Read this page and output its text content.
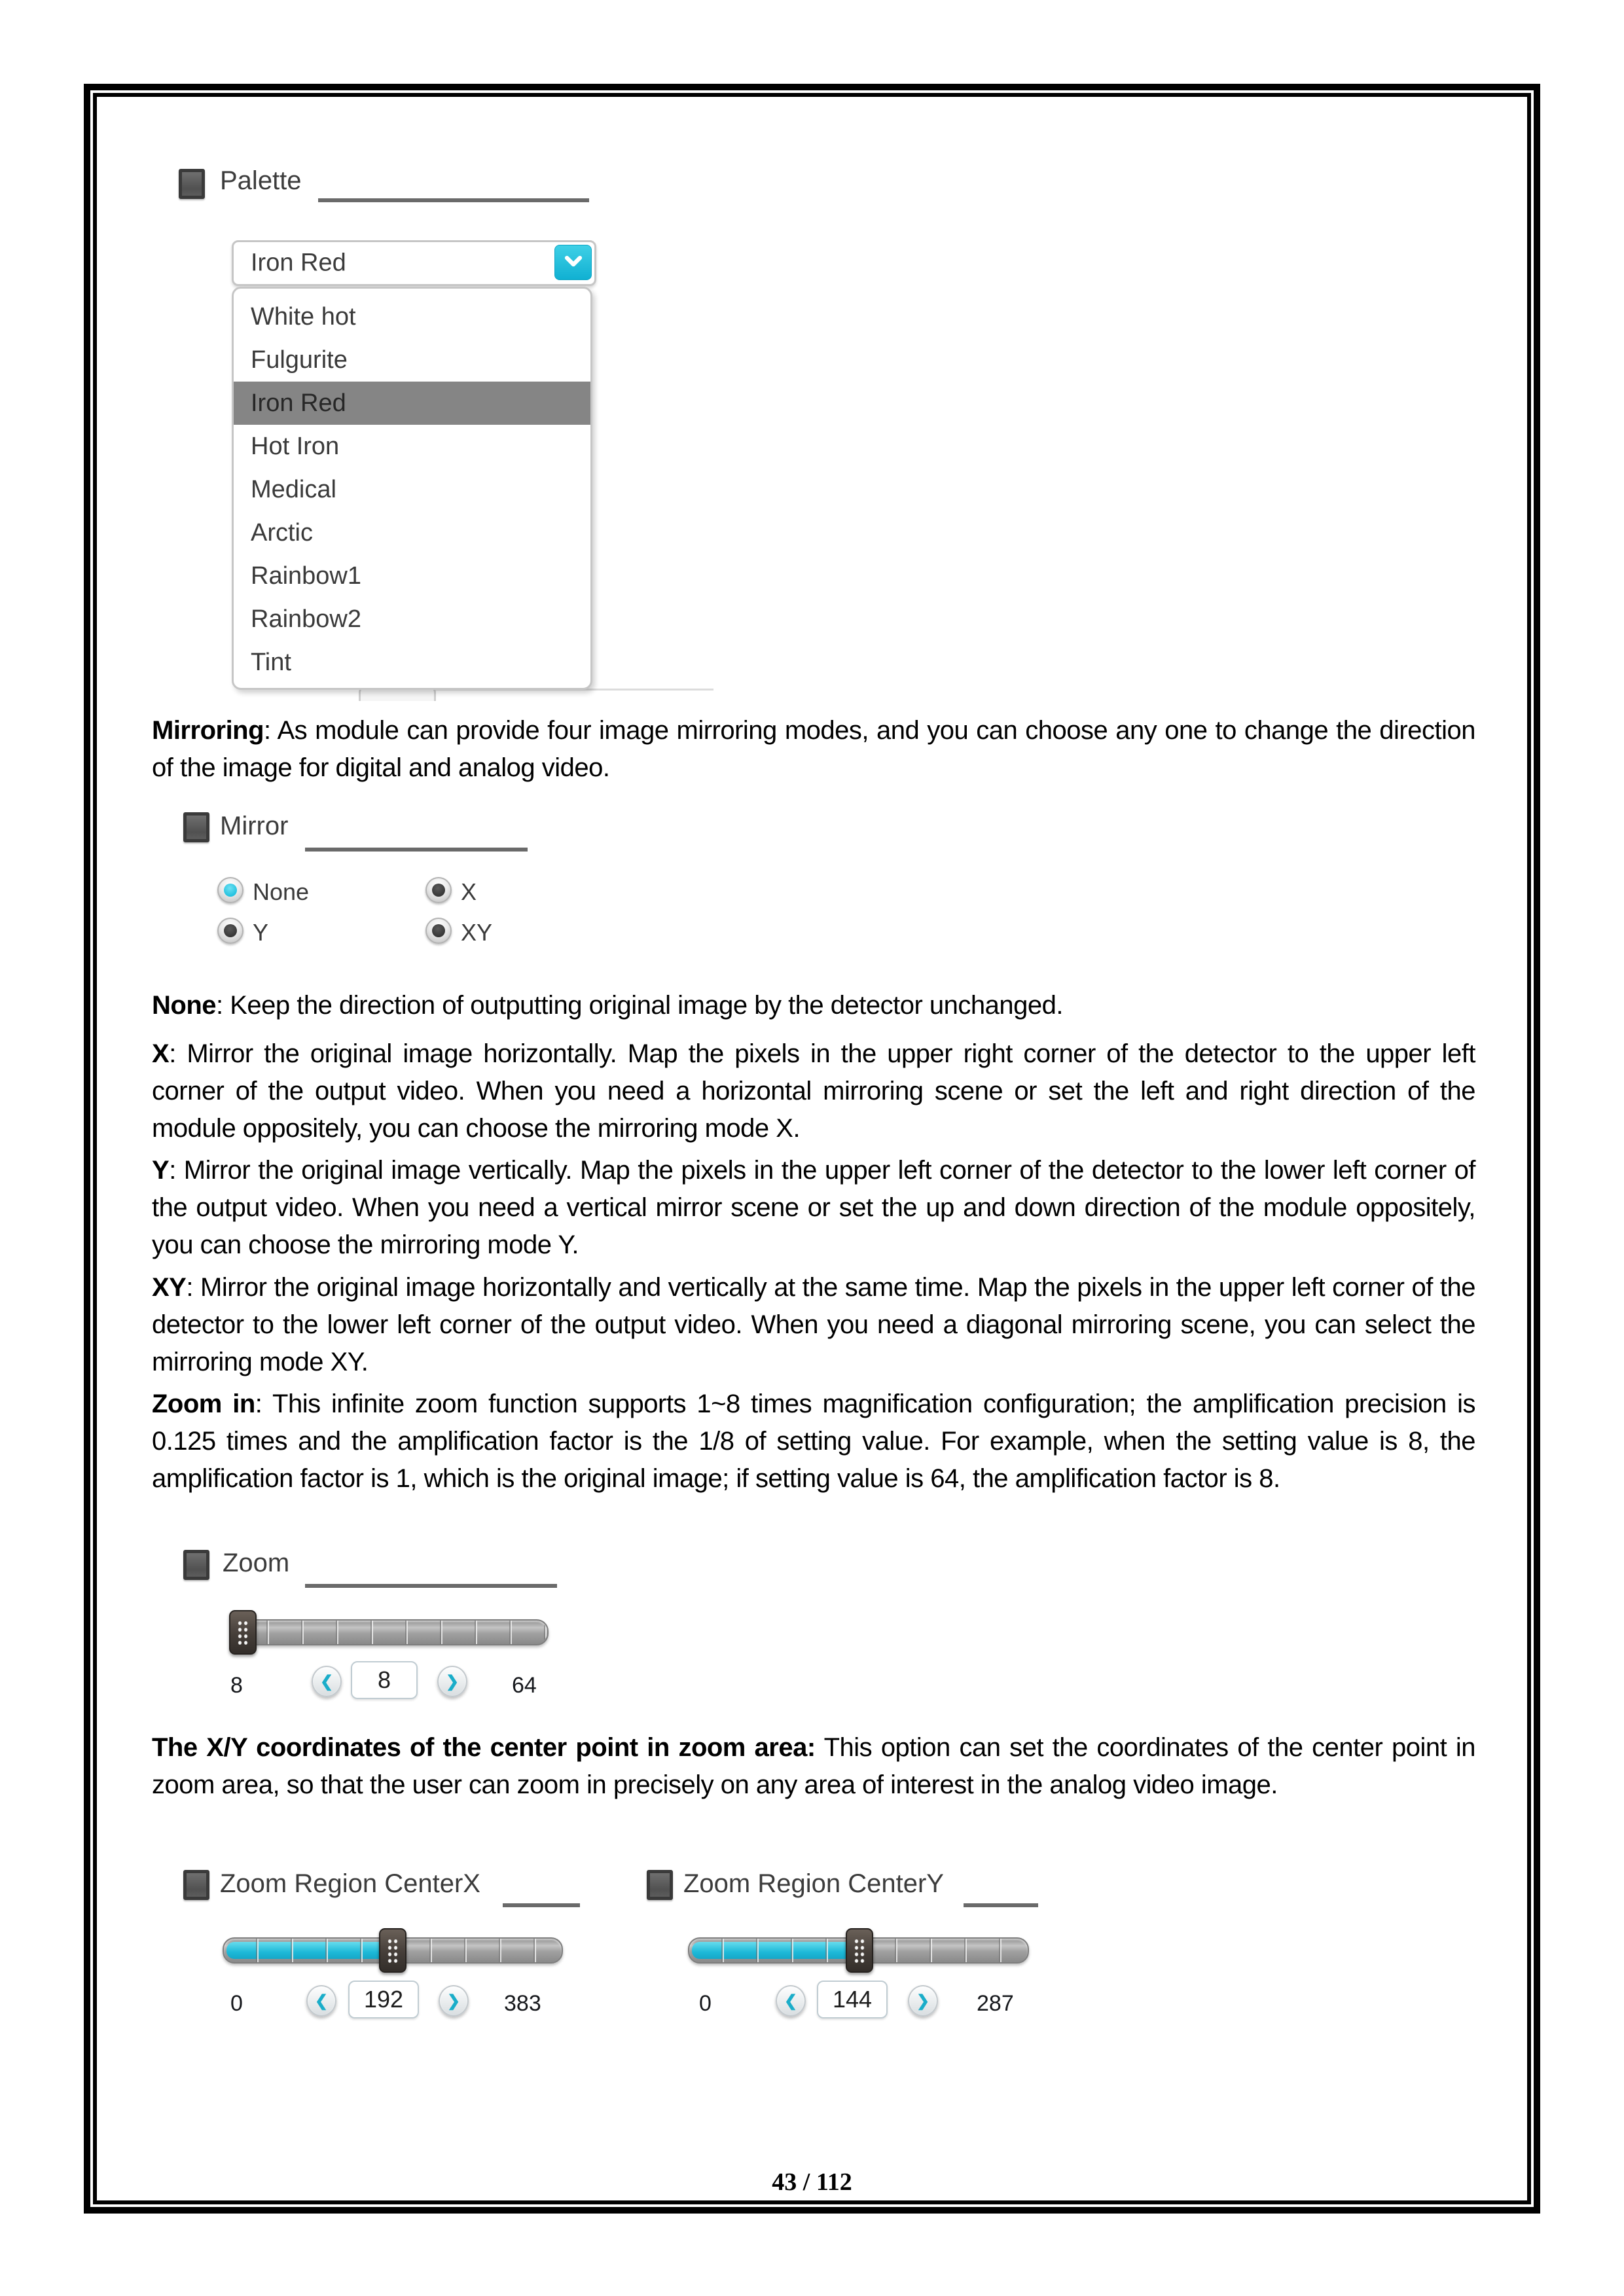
Palette
Iron Red
White hot
Fulgurite
Iron Red
Hot Iron
Medical
Arctic
Rainbow1
Rainbow2
Tint
Mirroring: As module can provide four image mirroring modes, and you can choose any one to change the direction of the image for digital and analog video.
Mirror
None	X
Y	XY
None: Keep the direction of outputting original image by the detector unchanged.
X: Mirror the original image horizontally. Map the pixels in the upper right corner of the detector to the upper left corner of the output video. When you need a horizontal mirroring scene or set the left and right direction of the module oppositely, you can choose the mirroring mode X.
Y: Mirror the original image vertically. Map the pixels in the upper left corner of the detector to the lower left corner of the output video. When you need a vertical mirror scene or set the up and down direction of the module oppositely, you can choose the mirroring mode Y.
XY: Mirror the original image horizontally and vertically at the same time. Map the pixels in the upper left corner of the detector to the lower left corner of the output video. When you need a diagonal mirroring scene, you can select the mirroring mode XY.
Zoom in: This infinite zoom function supports 1~8 times magnification configuration; the amplification precision is 0.125 times and the amplification factor is the 1/8 of setting value. For example, when the setting value is 8, the amplification factor is 1, which is the original image; if setting value is 64, the amplification factor is 8.
Zoom
8	❮
8	❯ 64
The X/Y coordinates of the center point in zoom area: This option can set the coordinates of the center point in zoom area, so that the user can zoom in precisely on any area of interest in the analog video image.
Zoom Region CenterX
0	❮
192	❯ 383
Zoom Region CenterY
0	❮
144	❯ 287
43 / 112
